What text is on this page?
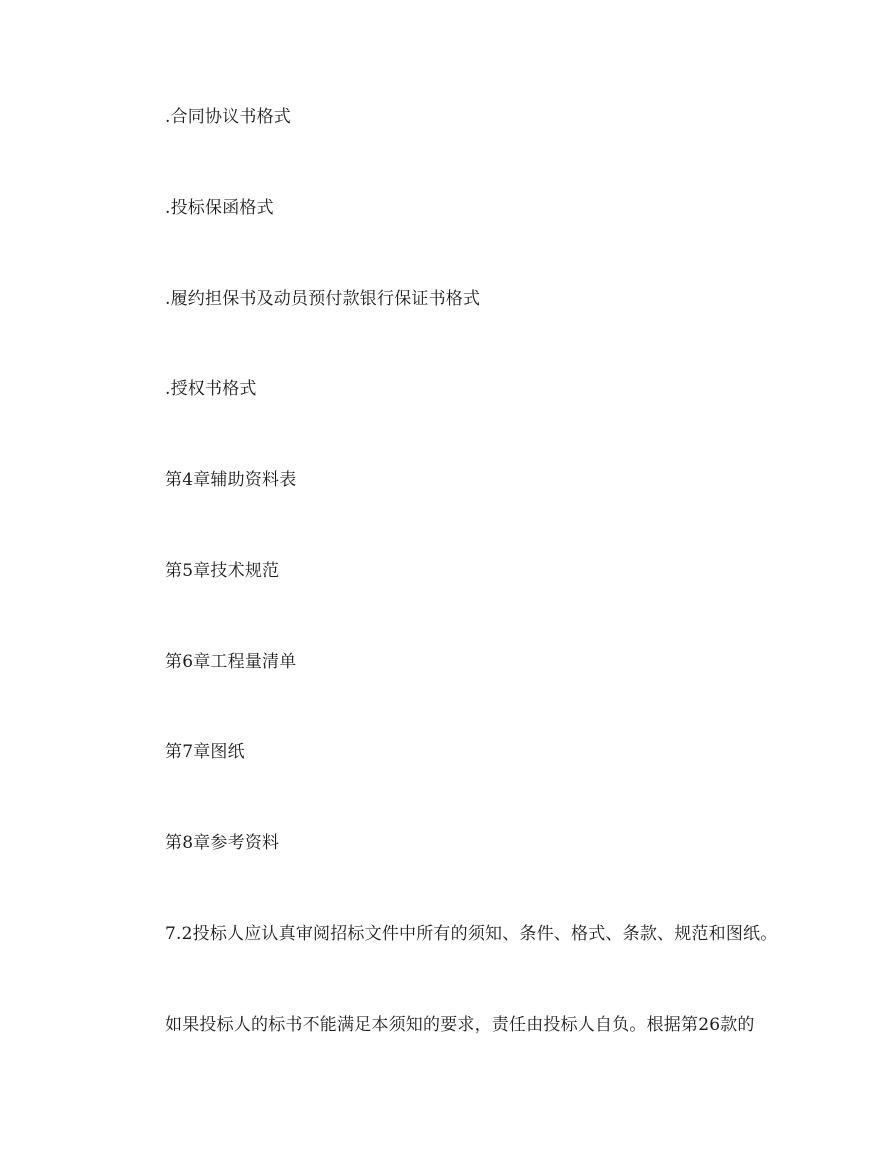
.合同协议书格式
.投标保函格式
.履约担保书及动员预付款银行保证书格式
.授权书格式
第4章辅助资料表
第5章技术规范
第6章工程量清单
第7章图纸
第8章参考资料
7.2投标人应认真审阅招标文件中所有的须知、条件、格式、条款、规范和图纸。
如果投标人的标书不能满足本须知的要求，责任由投标人自负。根据第26款的
